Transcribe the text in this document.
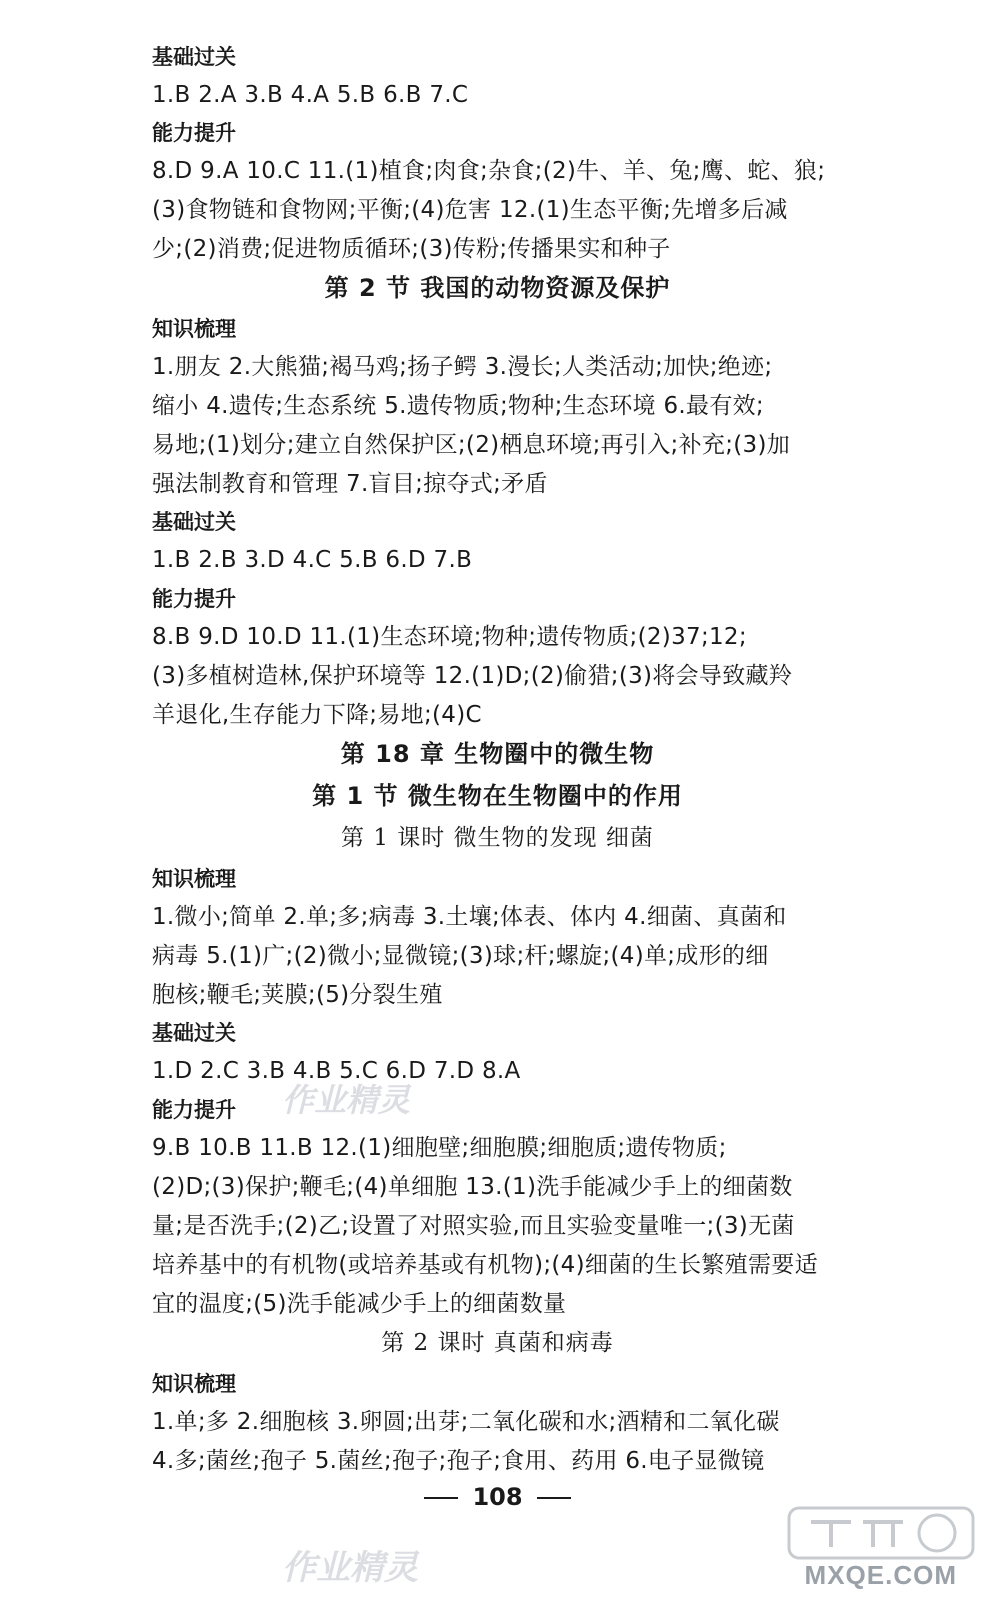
基础过关
1.B 2.A 3.B 4.A 5.B 6.B 7.C
能力提升
8.D 9.A 10.C 11.(1)植食;肉食;杂食;(2)牛、羊、兔;鹰、蛇、狼;
(3)食物链和食物网;平衡;(4)危害 12.(1)生态平衡;先增多后减
少;(2)消费;促进物质循环;(3)传粉;传播果实和种子
第 2 节 我国的动物资源及保护
知识梳理
1.朋友 2.大熊猫;褐马鸡;扬子鳄 3.漫长;人类活动;加快;绝迹;
缩小 4.遗传;生态系统 5.遗传物质;物种;生态环境 6.最有效;
易地;(1)划分;建立自然保护区;(2)栖息环境;再引入;补充;(3)加
强法制教育和管理 7.盲目;掠夺式;矛盾
基础过关
1.B 2.B 3.D 4.C 5.B 6.D 7.B
能力提升
8.B 9.D 10.D 11.(1)生态环境;物种;遗传物质;(2)37;12;
(3)多植树造林,保护环境等 12.(1)D;(2)偷猎;(3)将会导致藏羚
羊退化,生存能力下降;易地;(4)C
第 18 章 生物圈中的微生物
第 1 节 微生物在生物圈中的作用
第 1 课时 微生物的发现 细菌
知识梳理
1.微小;简单 2.单;多;病毒 3.土壤;体表、体内 4.细菌、真菌和
病毒 5.(1)广;(2)微小;显微镜;(3)球;杆;螺旋;(4)单;成形的细
胞核;鞭毛;荚膜;(5)分裂生殖
基础过关
1.D 2.C 3.B 4.B 5.C 6.D 7.D 8.A
能力提升
9.B 10.B 11.B 12.(1)细胞壁;细胞膜;细胞质;遗传物质;
(2)D;(3)保护;鞭毛;(4)单细胞 13.(1)洗手能减少手上的细菌数
量;是否洗手;(2)乙;设置了对照实验,而且实验变量唯一;(3)无菌
培养基中的有机物(或培养基或有机物);(4)细菌的生长繁殖需要适
宜的温度;(5)洗手能减少手上的细菌数量
第 2 课时 真菌和病毒
知识梳理
1.单;多 2.细胞核 3.卵圆;出芽;二氧化碳和水;酒精和二氧化碳
4.多;菌丝;孢子 5.菌丝;孢子;孢子;食用、药用 6.电子显微镜
108
作业精灵
作业精灵	MXQE.COM
